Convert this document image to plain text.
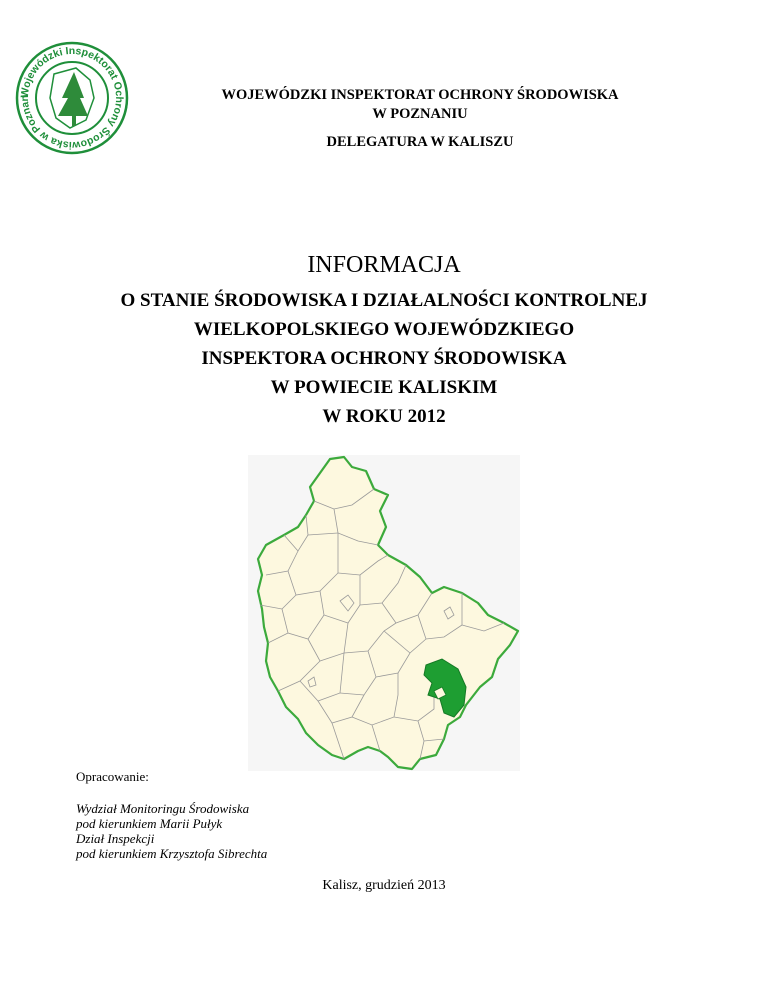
Wojewódzki Inspektorat Ochrony Środowiska w Poznan	WOJEWÓDZKI INSPEKTORAT OCHRONY ŚRODOWISKA
W POZNANIU
DELEGATURA W KALISZU
INFORMACJA
O STANIE ŚRODOWISKA I DZIAŁALNOŚCI KONTROLNEJ
WIELKOPOLSKIEGO WOJEWÓDZKIEGO
INSPEKTORA OCHRONY ŚRODOWISKA
W POWIECIE KALISKIM
W ROKU 2012
Opracowanie:
Wydział Monitoringu Środowiska
pod kierunkiem Marii Pułyk
Dział Inspekcji
pod kierunkiem Krzysztofa Sibrechta
Kalisz, grudzień 2013
